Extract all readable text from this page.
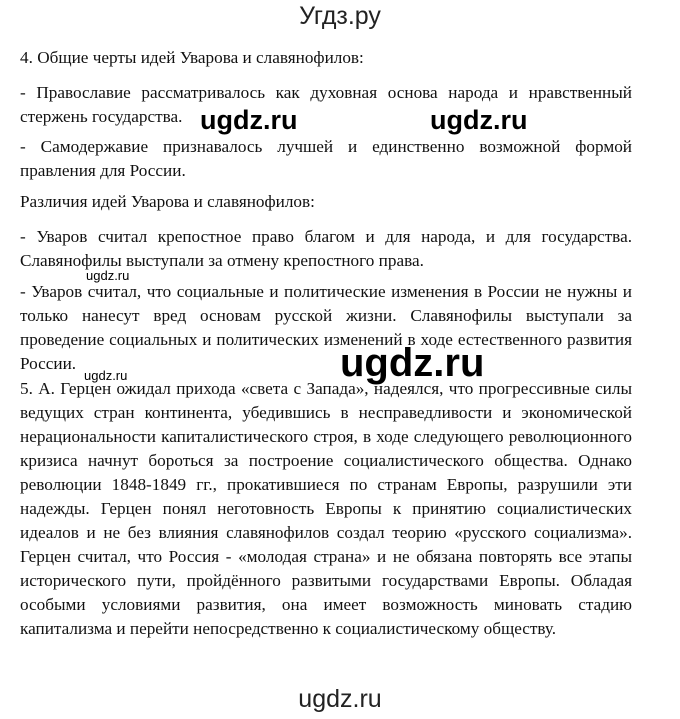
Угдз.ру
4. Общие черты идей Уварова и славянофилов:
- Православие рассматривалось как духовная основа народа и нравственный стержень государства.
- Самодержавие признавалось лучшей и единственно возможной формой правления для России.
Различия идей Уварова и славянофилов:
- Уваров считал крепостное право благом и для народа, и для государства. Славянофилы выступали за отмену крепостного права.
- Уваров считал, что социальные и политические изменения в России не нужны и только нанесут вред основам русской жизни. Славянофилы выступали за проведение социальных и политических изменений в ходе естественного развития России.
5. А. Герцен ожидал прихода «света с Запада», надеялся, что прогрессивные силы ведущих стран континента, убедившись в несправедливости и экономической нерациональности капиталистического строя, в ходе следующего революционного кризиса начнут бороться за построение социалистического общества. Однако революции 1848-1849 гг., прокатившиеся по странам Европы, разрушили эти надежды. Герцен понял неготовность Европы к принятию социалистических идеалов и не без влияния славянофилов создал теорию «русского социализма». Герцен считал, что Россия - «молодая страна» и не обязана повторять все этапы исторического пути, пройдённого развитыми государствами Европы. Обладая особыми условиями развития, она имеет возможность миновать стадию капитализма и перейти непосредственно к социалистическому обществу.
ugdz.ru	ugdz.ru
ugdz.ru
ugdz.ru
ugdz.ru
ugdz.ru
